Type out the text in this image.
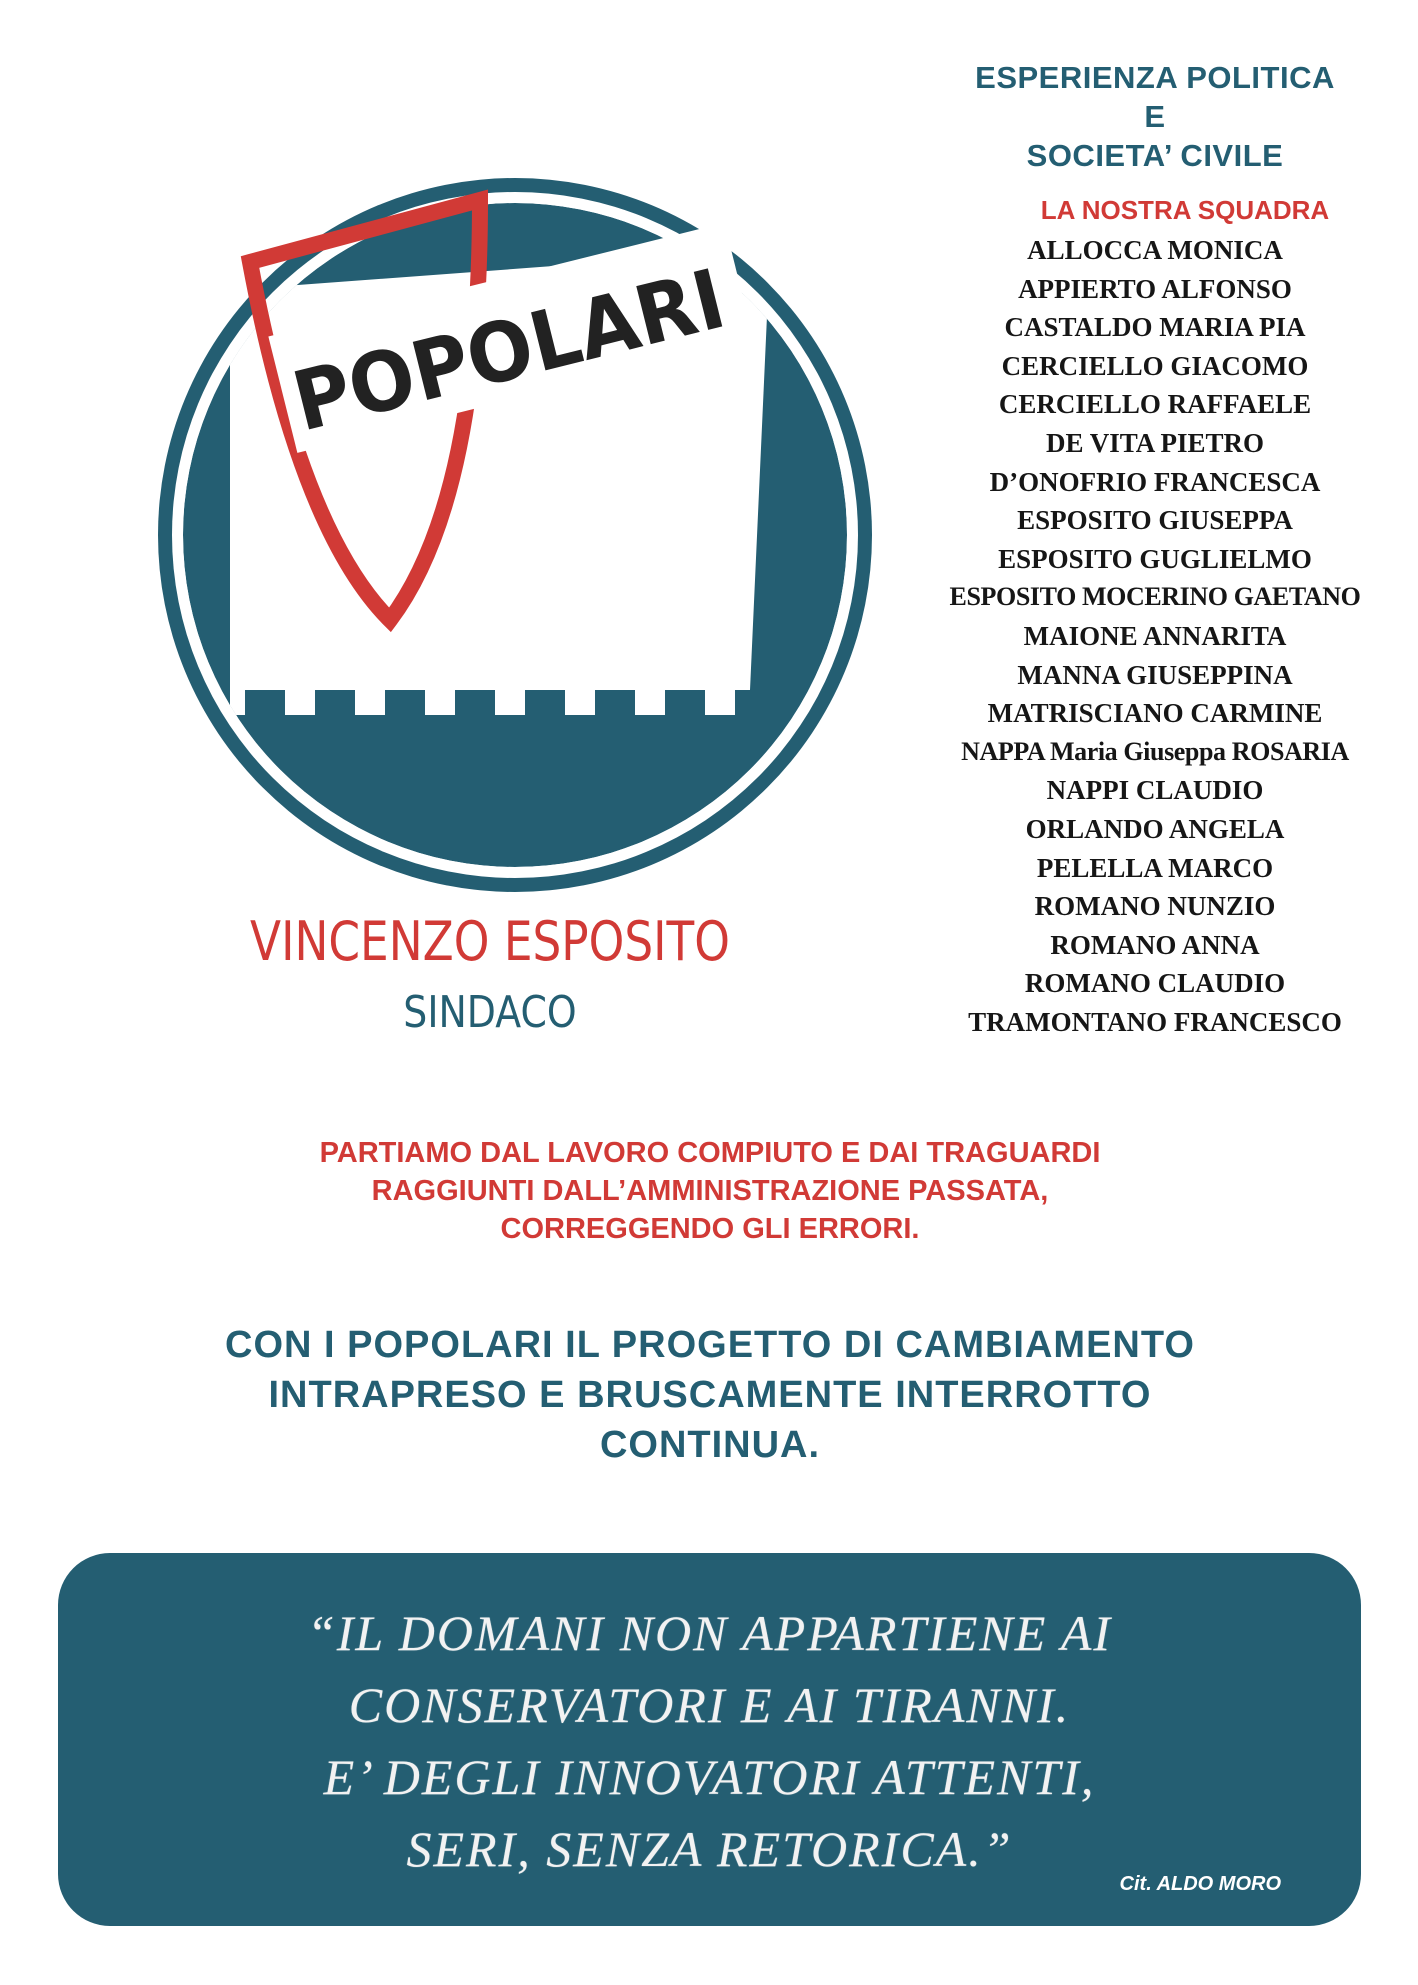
POPOLARI
VINCENZO ESPOSITO
SINDACO
ESPERIENZA POLITICA
E
SOCIETA’ CIVILE
LA NOSTRA SQUADRA
ALLOCCA MONICA
APPIERTO ALFONSO
CASTALDO MARIA PIA
CERCIELLO GIACOMO
CERCIELLO RAFFAELE
DE VITA PIETRO
D’ONOFRIO FRANCESCA
ESPOSITO GIUSEPPA
ESPOSITO GUGLIELMO
ESPOSITO MOCERINO GAETANO
MAIONE ANNARITA
MANNA GIUSEPPINA
MATRISCIANO CARMINE
NAPPA Maria Giuseppa ROSARIA
NAPPI CLAUDIO
ORLANDO ANGELA
PELELLA MARCO
ROMANO NUNZIO
ROMANO ANNA
ROMANO CLAUDIO
TRAMONTANO FRANCESCO
PARTIAMO DAL LAVORO COMPIUTO E DAI TRAGUARDI
RAGGIUNTI DALL’AMMINISTRAZIONE PASSATA,
CORREGGENDO GLI ERRORI.
CON I POPOLARI IL PROGETTO DI CAMBIAMENTO
INTRAPRESO E BRUSCAMENTE INTERROTTO
CONTINUA.
“IL DOMANI NON APPARTIENE AI
CONSERVATORI E AI TIRANNI.
E’ DEGLI INNOVATORI ATTENTI,
SERI, SENZA RETORICA.”
Cit. ALDO MORO
